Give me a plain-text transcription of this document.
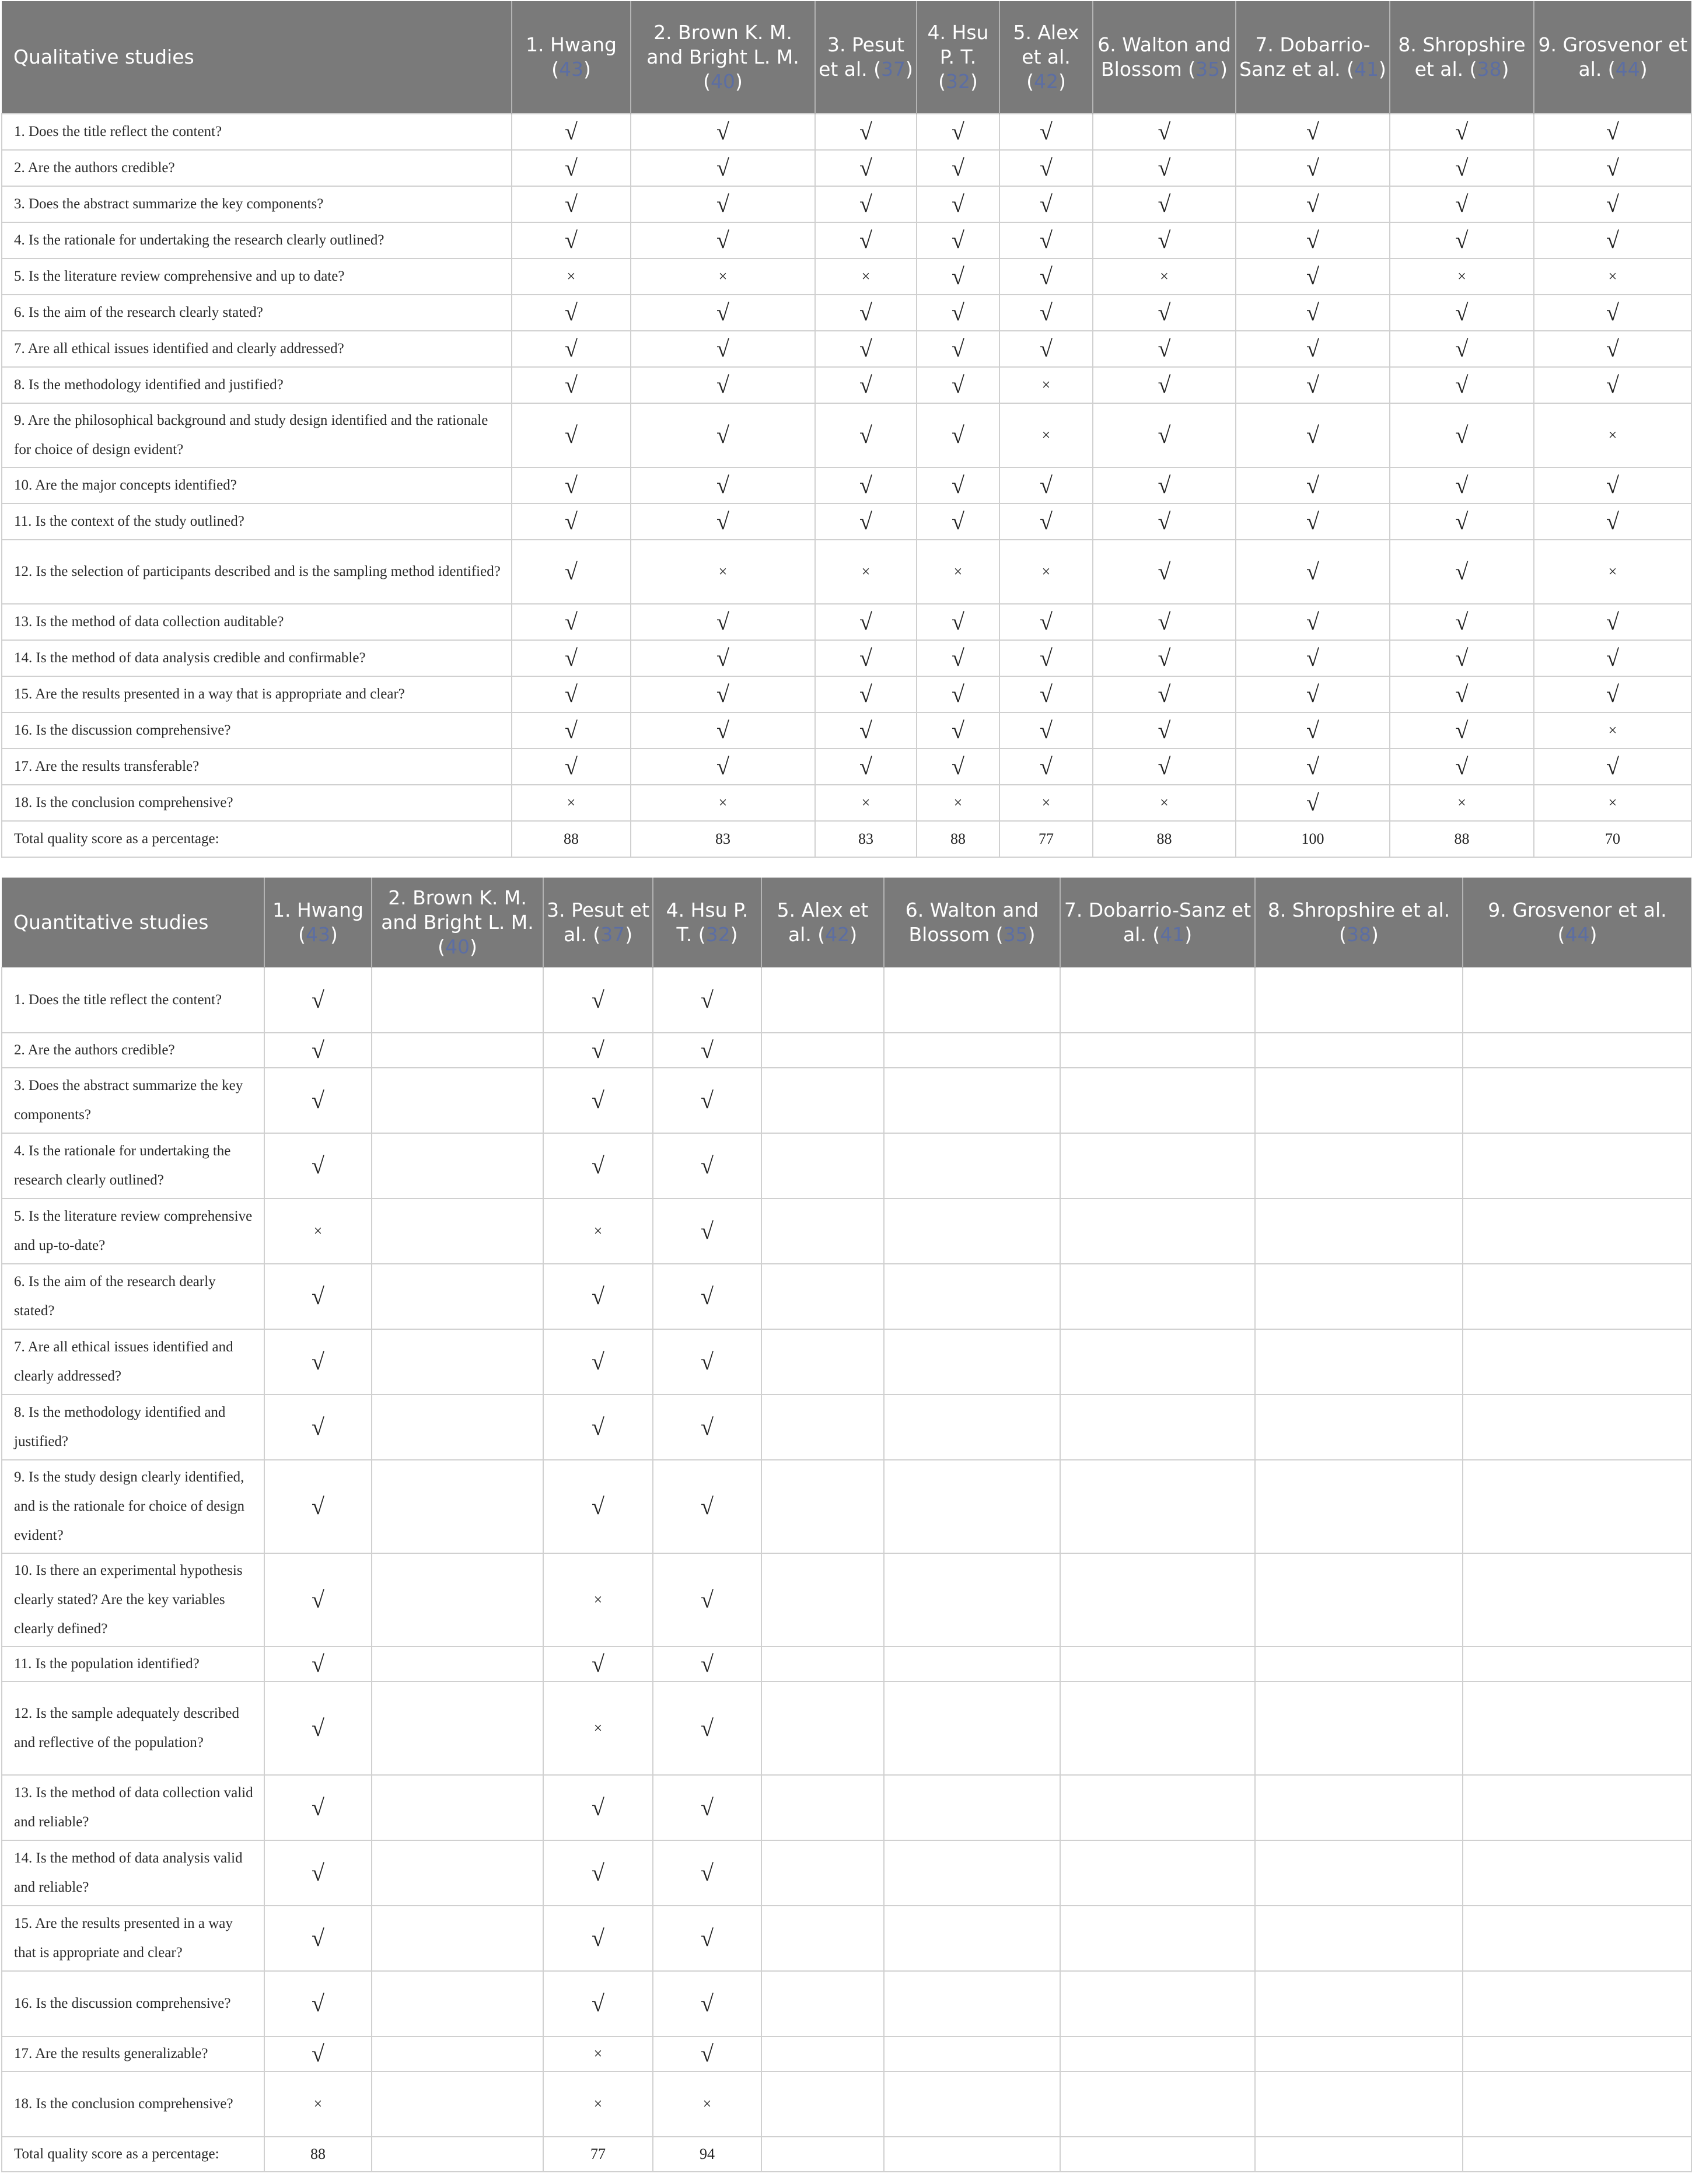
Qualitative studies	1. Hwang (43)	2. Brown K. M. and Bright L. M. (40)	3. Pesut et al. (37)	4. Hsu P. T. (32)	5. Alex et al. (42)	6. Walton and Blossom (35)	7. Dobarrio-Sanz et al. (41)	8. Shropshire et al. (38)	9. Grosvenor et al. (44)
1. Does the title reflect the content?	√	√	√	√	√	√	√	√	√
2. Are the authors credible?	√	√	√	√	√	√	√	√	√
3. Does the abstract summarize the key components?	√	√	√	√	√	√	√	√	√
4. Is the rationale for undertaking the research clearly outlined?	√	√	√	√	√	√	√	√	√
5. Is the literature review comprehensive and up to date?	×	×	×	√	√	×	√	×	×
6. Is the aim of the research clearly stated?	√	√	√	√	√	√	√	√	√
7. Are all ethical issues identified and clearly addressed?	√	√	√	√	√	√	√	√	√
8. Is the methodology identified and justified?	√	√	√	√	×	√	√	√	√
9. Are the philosophical background and study design identified and the rationale for choice of design evident?	√	√	√	√	×	√	√	√	×
10. Are the major concepts identified?	√	√	√	√	√	√	√	√	√
11. Is the context of the study outlined?	√	√	√	√	√	√	√	√	√
12. Is the selection of participants described and is the sampling method identified?	√	×	×	×	×	√	√	√	×
13. Is the method of data collection auditable?	√	√	√	√	√	√	√	√	√
14. Is the method of data analysis credible and confirmable?	√	√	√	√	√	√	√	√	√
15. Are the results presented in a way that is appropriate and clear?	√	√	√	√	√	√	√	√	√
16. Is the discussion comprehensive?	√	√	√	√	√	√	√	√	×
17. Are the results transferable?	√	√	√	√	√	√	√	√	√
18. Is the conclusion comprehensive?	×	×	×	×	×	×	√	×	×
Total quality score as a percentage:	88	83	83	88	77	88	100	88	70
Quantitative studies	1. Hwang (43)	2. Brown K. M. and Bright L. M. (40)	3. Pesut et al. (37)	4. Hsu P. T. (32)	5. Alex et al. (42)	6. Walton and Blossom (35)	7. Dobarrio-Sanz et al. (41)	8. Shropshire et al. (38)	9. Grosvenor et al. (44)
1. Does the title reflect the content?	√		√	√					
2. Are the authors credible?	√		√	√					
3. Does the abstract summarize the key components?	√		√	√					
4. Is the rationale for undertaking the research clearly outlined?	√		√	√					
5. Is the literature review comprehensive and up-to-date?	×		×	√					
6. Is the aim of the research dearly stated?	√		√	√					
7. Are all ethical issues identified and clearly addressed?	√		√	√					
8. Is the methodology identified and justified?	√		√	√					
9. Is the study design clearly identified, and is the rationale for choice of design evident?	√		√	√					
10. Is there an experimental hypothesis clearly stated? Are the key variables clearly defined?	√		×	√					
11. Is the population identified?	√		√	√					
12. Is the sample adequately described and reflective of the population?	√		×	√					
13. Is the method of data collection valid and reliable?	√		√	√					
14. Is the method of data analysis valid and reliable?	√		√	√					
15. Are the results presented in a way that is appropriate and clear?	√		√	√					
16. Is the discussion comprehensive?	√		√	√					
17. Are the results generalizable?	√		×	√					
18. Is the conclusion comprehensive?	×		×	×					
Total quality score as a percentage:	88		77	94					
